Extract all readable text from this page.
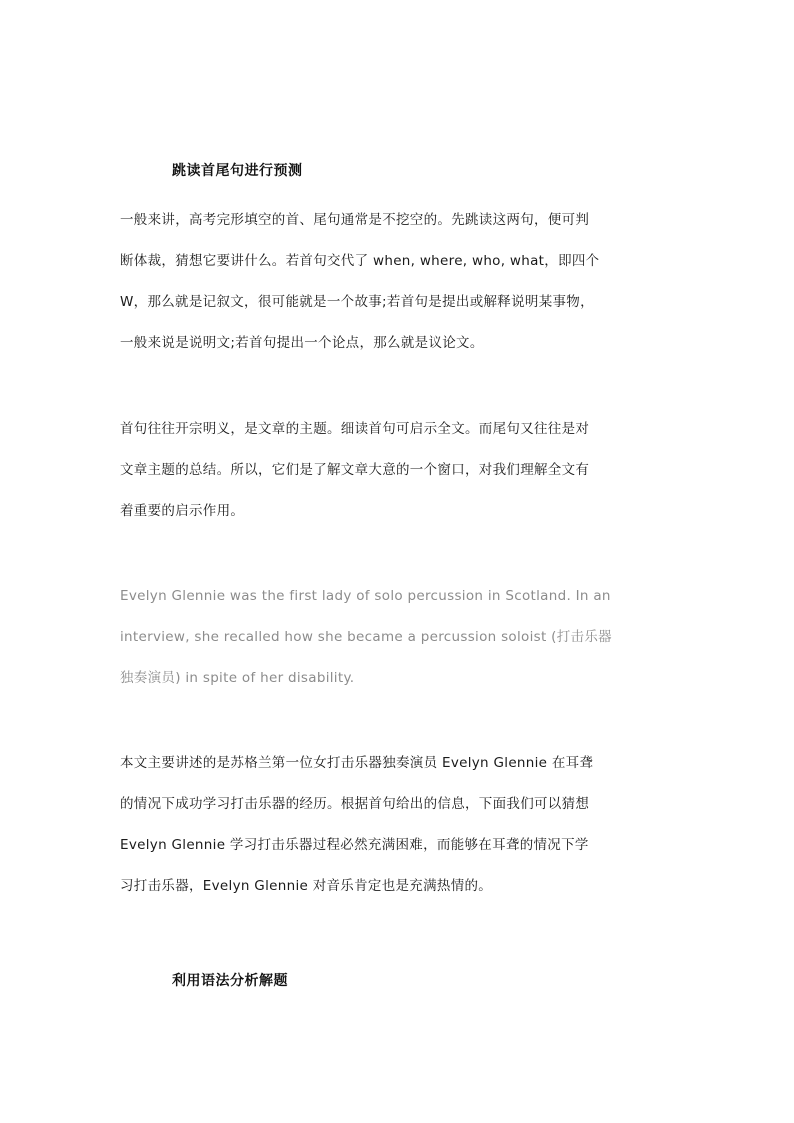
跳读首尾句进行预测
一般来讲，高考完形填空的首、尾句通常是不挖空的。先跳读这两句，便可判
断体裁，猜想它要讲什么。若首句交代了 when, where, who, what，即四个
W，那么就是记叙文，很可能就是一个故事;若首句是提出或解释说明某事物，
一般来说是说明文;若首句提出一个论点，那么就是议论文。
首句往往开宗明义，是文章的主题。细读首句可启示全文。而尾句又往往是对
文章主题的总结。所以，它们是了解文章大意的一个窗口，对我们理解全文有
着重要的启示作用。
Evelyn Glennie was the first lady of solo percussion in Scotland. In an
interview, she recalled how she became a percussion soloist (打击乐器
独奏演员) in spite of her disability.
本文主要讲述的是苏格兰第一位女打击乐器独奏演员 Evelyn Glennie 在耳聋
的情况下成功学习打击乐器的经历。根据首句给出的信息，下面我们可以猜想
Evelyn Glennie 学习打击乐器过程必然充满困难，而能够在耳聋的情况下学
习打击乐器，Evelyn Glennie 对音乐肯定也是充满热情的。
利用语法分析解题
